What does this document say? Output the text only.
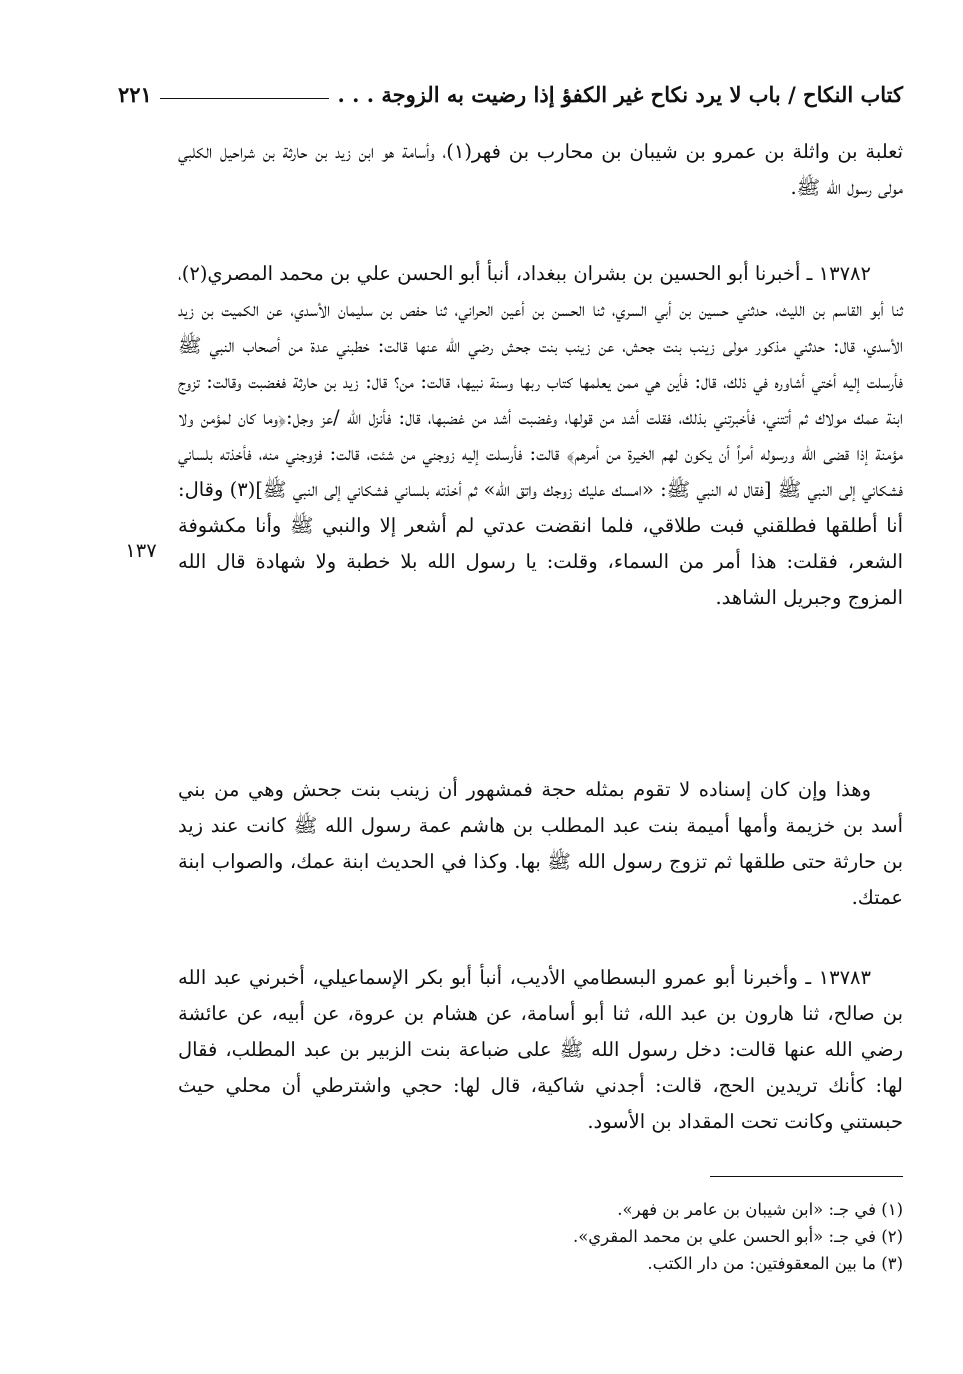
كتاب النكاح / باب لا يرد نكاح غير الكفؤ إذا رضيت به الزوجة . . .
٢٢١
ثعلبة بن واثلة بن عمرو بن شيبان بن محارب بن فهر(١)، وأسامة هو ابن زيد بن حارثة بن شراحيل الكلبي مولى رسول الله ﷺ.
١٣٧٨٢ ـ أخبرنا أبو الحسين بن بشران ببغداد، أنبأ أبو الحسن علي بن محمد المصري(٢)، ثنا أبو القاسم بن الليث، حدثني حسين بن أبي السري، ثنا الحسن بن أعين الحراني، ثنا حفص بن سليمان الأسدي، عن الكميت بن زيد الأسدي، قال: حدثني مذكور مولى زينب بنت جحش، عن زينب بنت جحش رضي الله عنها قالت: خطبني عدة من أصحاب النبي ﷺ فأرسلت إليه أختي أشاوره في ذلك، قال: فأين هي ممن يعلمها كتاب ربها وسنة نبيها، قالت: من؟ قال: زيد بن حارثة فغضبت وقالت: تزوج ابنة عمك مولاك ثم أتتني، فأخبرتني بذلك، فقلت أشد من قولها، وغضبت أشد من غضبها، قال: فأنزل الله /عز وجل:﴿وما كان لمؤمن ولا مؤمنة إذا قضى الله ورسوله أمراً أن يكون لهم الخيرة من أمرهم﴾ قالت: فأرسلت إليه زوجني من شئت، قالت: فزوجني منه، فأخذته بلساني فشكاني إلى النبي ﷺ [فقال له النبي ﷺ: «امسك عليك زوجك واتق الله» ثم أخذته بلساني فشكاني إلى النبي ﷺ](٣) وقال: أنا أطلقها فطلقني فبت طلاقي، فلما انقضت عدتي لم أشعر إلا والنبي ﷺ وأنا مكشوفة الشعر، فقلت: هذا أمر من السماء، وقلت: يا رسول الله بلا خطبة ولا شهادة قال الله المزوج وجبريل الشاهد.
وهذا وإن كان إسناده لا تقوم بمثله حجة فمشهور أن زينب بنت جحش وهي من بني أسد بن خزيمة وأمها أميمة بنت عبد المطلب بن هاشم عمة رسول الله ﷺ كانت عند زيد بن حارثة حتى طلقها ثم تزوج رسول الله ﷺ بها. وكذا في الحديث ابنة عمك، والصواب ابنة عمتك.
١٣٧٨٣ ـ وأخبرنا أبو عمرو البسطامي الأديب، أنبأ أبو بكر الإسماعيلي، أخبرني عبد الله بن صالح، ثنا هارون بن عبد الله، ثنا أبو أسامة، عن هشام بن عروة، عن أبيه، عن عائشة رضي الله عنها قالت: دخل رسول الله ﷺ على ضباعة بنت الزبير بن عبد المطلب، فقال لها: كأنك تريدين الحج، قالت: أجدني شاكية، قال لها: حجي واشترطي أن محلي حيث حبستني وكانت تحت المقداد بن الأسود.
١٣٧
(١) في جـ: «ابن شيبان بن عامر بن فهر».
(٢) في جـ: «أبو الحسن علي بن محمد المقري».
(٣) ما بين المعقوفتين: من دار الكتب.
